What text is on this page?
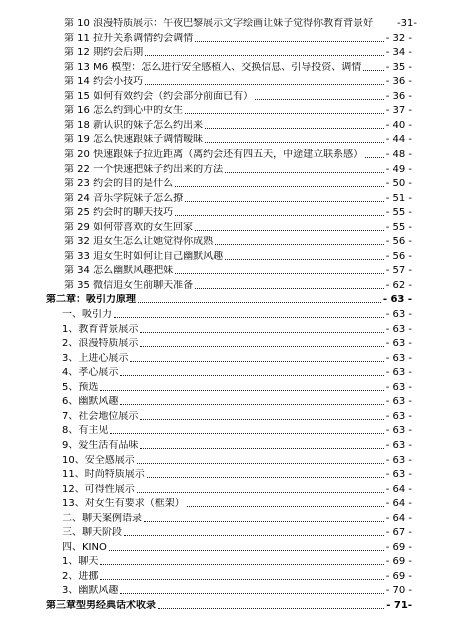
第 10 浪漫特质展示：午夜巴黎展示文字绘画让妹子觉得你教育背景好 -31-
第 11 拉升关系调情约会调情	- 32 -
第 12 期约会后期	- 34 -
第 13 M6 模型：怎么进行安全感植入、交换信息、引导投资、调情 - 35 -
第 14 约会小技巧	- 36 -
第 15 如何有效约会（约会部分前面已有）	- 36 -
第 16 怎么约到心中的女生	- 37 -
第 18 新认识的妹子怎么约出来	- 40 -
第 19 怎么快速跟妹子调情暧昧	- 44 -
第 20 快速跟妹子拉近距离（离约会还有四五天，中途建立联系感） - 48 -
第 22 一个快速把妹子约出来的方法	- 49 -
第 23 约会的目的是什么	- 50 -
第 24 音乐学院妹子怎么撩	- 51 -
第 25 约会时的聊天技巧	- 55 -
第 29 如何带喜欢的女生回家	- 55 -
第 32 追女生怎么让她觉得你成熟	- 56 -
第 33 追女生时如何让自己幽默风趣	- 56 -
第 34 怎么幽默风趣把妹	- 57 -
第 35 微信追女生前聊天准备	- 62 -
第二章：吸引力原理	- 63 -
一、吸引力	- 63 -
1、教育背景展示	- 63 -
2、浪漫特质展示	- 63 -
3、上进心展示	- 63 -
4、孝心展示	- 63 -
5、预选	- 63 -
6、幽默风趣	- 63 -
7、社会地位展示	- 63 -
8、有主见	- 63 -
9、爱生活有品味	- 63 -
10、安全感展示	- 63 -
11、时尚特质展示	- 63 -
12、可得性展示	- 64 -
13、对女生有要求（框架）	- 64 -
二、聊天案例语录	- 64 -
三、聊天阶段	- 67 -
四、KINO	- 69 -
1、聊天	- 69 -
2、进挪	- 69 -
3、幽默风趣	- 70 -
第三章型男经典话术收录	- 71-
